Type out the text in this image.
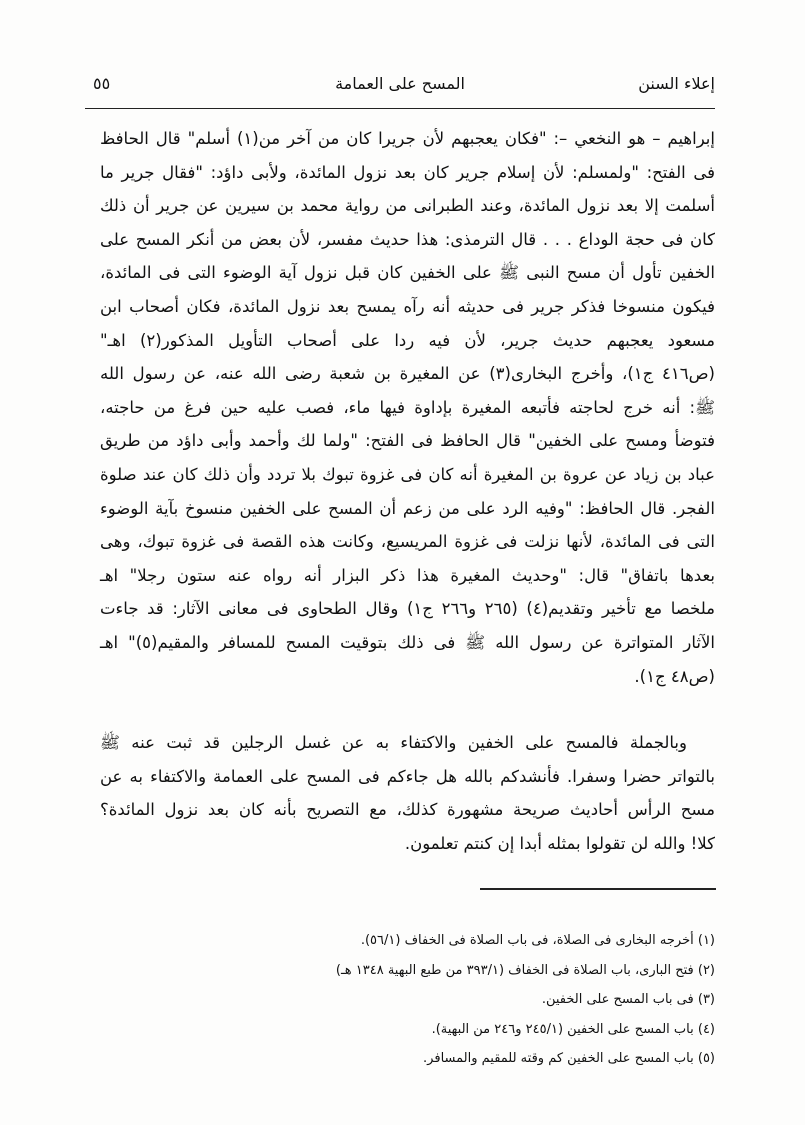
إعلاء السنن
المسح على العمامة
٥٥
إبراهيم – هو النخعي –: "فكان يعجبهم لأن جريرا كان من آخر من(١) أسلم" قال الحافظ
فى الفتح: "ولمسلم: لأن إسلام جرير كان بعد نزول المائدة، ولأبى داؤد: "فقال جرير ما
أسلمت إلا بعد نزول المائدة، وعند الطبرانى من رواية محمد بن سيرين عن جرير أن ذلك
كان فى حجة الوداع . . . قال الترمذى: هذا حديث مفسر، لأن بعض من أنكر المسح على
الخفين تأول أن مسح النبى ﷺ على الخفين كان قبل نزول آية الوضوء التى فى المائدة،
فيكون منسوخا فذكر جرير فى حديثه أنه رآه يمسح بعد نزول المائدة، فكان أصحاب ابن
مسعود يعجبهم حديث جرير، لأن فيه ردا على أصحاب التأويل المذكور(٢) اهـ"
(ص٤١٦ ج١)، وأخرج البخارى(٣) عن المغيرة بن شعبة رضى الله عنه، عن رسول الله
ﷺ: أنه خرج لحاجته فأتبعه المغيرة بإداوة فيها ماء، فصب عليه حين فرغ من حاجته،
فتوضأ ومسح على الخفين" قال الحافظ فى الفتح: "ولما لك وأحمد وأبى داؤد من طريق
عباد بن زياد عن عروة بن المغيرة أنه كان فى غزوة تبوك بلا تردد وأن ذلك كان عند صلوة
الفجر. قال الحافظ: "وفيه الرد على من زعم أن المسح على الخفين منسوخ بآية الوضوء
التى فى المائدة، لأنها نزلت فى غزوة المريسيع، وكانت هذه القصة فى غزوة تبوك، وهى
بعدها باتفاق" قال: "وحديث المغيرة هذا ذكر البزار أنه رواه عنه ستون رجلا" اهـ
ملخصا مع تأخير وتقديم(٤) (٢٦٥ و٢٦٦ ج١) وقال الطحاوى فى معانى الآثار: قد جاءت
الآثار المتواترة عن رسول الله ﷺ فى ذلك بتوقيت المسح للمسافر والمقيم(٥)" اهـ
(ص٤٨ ج١).
وبالجملة فالمسح على الخفين والاكتفاء به عن غسل الرجلين قد ثبت عنه ﷺ
بالتواتر حضرا وسفرا. فأنشدكم بالله هل جاءكم فى المسح على العمامة والاكتفاء به عن
مسح الرأس أحاديث صريحة مشهورة كذلك، مع التصريح بأنه كان بعد نزول المائدة؟
كلا! والله لن تقولوا بمثله أبدا إن كنتم تعلمون.
(١) أخرجه البخارى فى الصلاة، فى باب الصلاة فى الخفاف (٥٦/١).
(٢) فتح البارى، باب الصلاة فى الخفاف (٣٩٣/١ من طبع البهية ١٣٤٨ هـ)
(٣) فى باب المسح على الخفين.
(٤) باب المسح على الخفين (٢٤٥/١ و٢٤٦ من البهية).
(٥) باب المسح على الخفين كم وقته للمقيم والمسافر.
